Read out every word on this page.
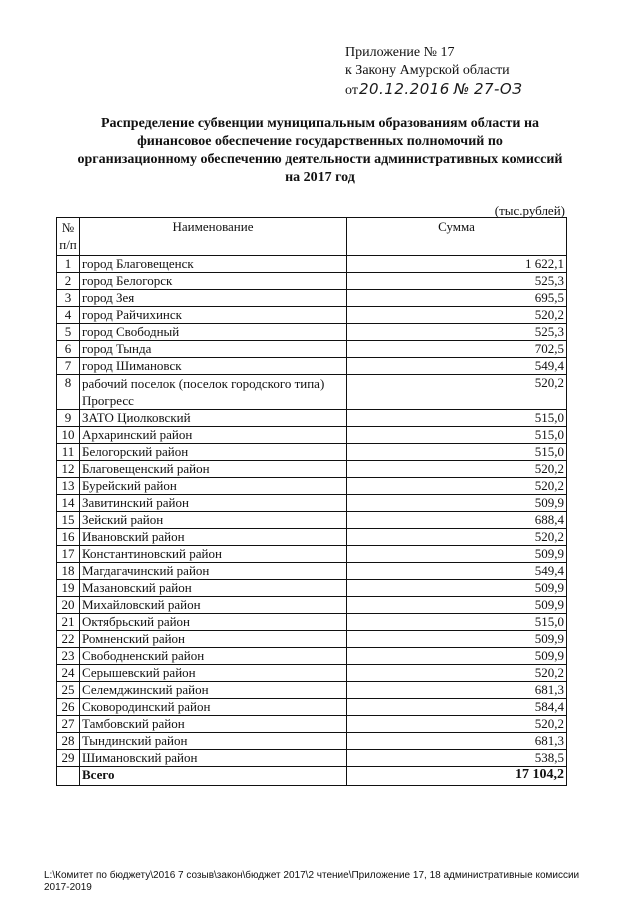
Приложение № 17
к Закону Амурской области
от20.12.2016 № 27-ОЗ
Распределение субвенции муниципальным образованиям области на
финансовое обеспечение государственных полномочий по
организационному обеспечению деятельности административных комиссий
на 2017 год
(тыс.рублей)
№
п/п	Наименование	Сумма
1	город Благовещенск	1 622,1
2	город Белогорск	525,3
3	город Зея	695,5
4	город Райчихинск	520,2
5	город Свободный	525,3
6	город Тында	702,5
7	город Шимановск	549,4
8	рабочий поселок (поселок городского типа) Прогресс	520,2
9	ЗАТО Циолковский	515,0
10	Архаринский район	515,0
11	Белогорский район	515,0
12	Благовещенский район	520,2
13	Бурейский район	520,2
14	Завитинский район	509,9
15	Зейский район	688,4
16	Ивановский район	520,2
17	Константиновский район	509,9
18	Магдагачинский район	549,4
19	Мазановский район	509,9
20	Михайловский район	509,9
21	Октябрьский район	515,0
22	Ромненский район	509,9
23	Свободненский район	509,9
24	Серышевский район	520,2
25	Селемджинский район	681,3
26	Сковородинский район	584,4
27	Тамбовский район	520,2
28	Тындинский район	681,3
29	Шимановский район	538,5
	Всего	17 104,2
L:\Комитет по бюджету\2016 7 созыв\закон\бюджет 2017\2 чтение\Приложение 17, 18 административные комиссии 2017-2019
